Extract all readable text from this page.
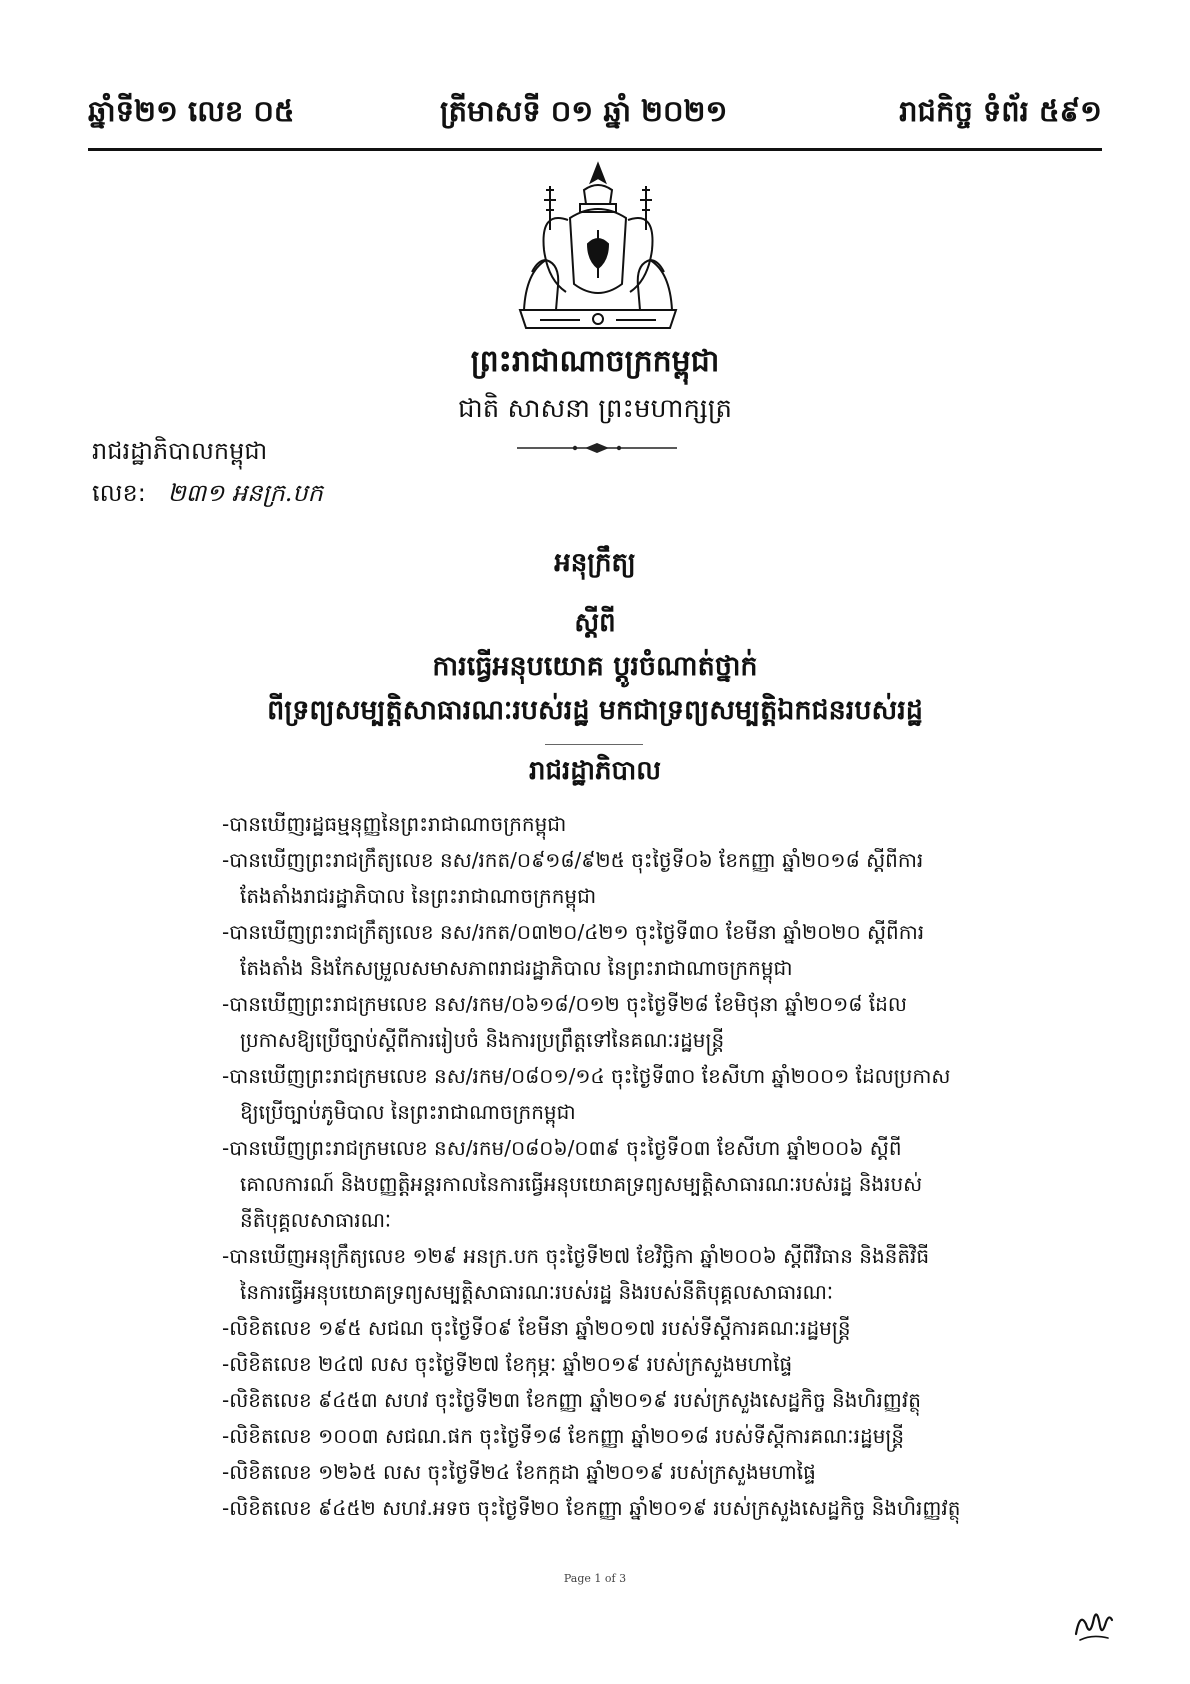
ឆ្នាំទី២១ លេខ ០៥	ត្រីមាសទី ០១ ឆ្នាំ ២០២១	រាជកិច្ច ទំព័រ ៥៩១
ព្រះរាជាណាចក្រកម្ពុជា
ជាតិ សាសនា ព្រះមហាក្សត្រ
រាជរដ្ឋាភិបាលកម្ពុជា
លេខ: ២៣១ អនក្រ.បក
អនុក្រឹត្យ
ស្តីពី
ការធ្វើអនុបយោគ ប្តូរចំណាត់ថ្នាក់
ពីទ្រព្យសម្បត្តិសាធារណៈរបស់រដ្ឋ មកជាទ្រព្យសម្បត្តិឯកជនរបស់រដ្ឋ
រាជរដ្ឋាភិបាល
-បានឃើញរដ្ឋធម្មនុញ្ញនៃព្រះរាជាណាចក្រកម្ពុជា
-បានឃើញព្រះរាជក្រឹត្យលេខ នស/រកត/០៩១៨/៩២៥ ចុះថ្ងៃទី០៦ ខែកញ្ញា ឆ្នាំ២០១៨ ស្តីពីការ
តែងតាំងរាជរដ្ឋាភិបាល នៃព្រះរាជាណាចក្រកម្ពុជា
-បានឃើញព្រះរាជក្រឹត្យលេខ នស/រកត/០៣២០/៤២១ ចុះថ្ងៃទី៣០ ខែមីនា ឆ្នាំ២០២០ ស្តីពីការ
តែងតាំង និងកែសម្រួលសមាសភាពរាជរដ្ឋាភិបាល នៃព្រះរាជាណាចក្រកម្ពុជា
-បានឃើញព្រះរាជក្រមលេខ នស/រកម/០៦១៨/០១២ ចុះថ្ងៃទី២៨ ខែមិថុនា ឆ្នាំ២០១៨ ដែល
ប្រកាសឱ្យប្រើច្បាប់ស្តីពីការរៀបចំ និងការប្រព្រឹត្តទៅនៃគណៈរដ្ឋមន្ត្រី
-បានឃើញព្រះរាជក្រមលេខ នស/រកម/០៨០១/១៤ ចុះថ្ងៃទី៣០ ខែសីហា ឆ្នាំ២០០១ ដែលប្រកាស
ឱ្យប្រើច្បាប់ភូមិបាល នៃព្រះរាជាណាចក្រកម្ពុជា
-បានឃើញព្រះរាជក្រមលេខ នស/រកម/០៨០៦/០៣៩ ចុះថ្ងៃទី០៣ ខែសីហា ឆ្នាំ២០០៦ ស្តីពី
គោលការណ៍ និងបញ្ញត្តិអន្តរកាលនៃការធ្វើអនុបយោគទ្រព្យសម្បត្តិសាធារណៈរបស់រដ្ឋ និងរបស់
នីតិបុគ្គលសាធារណៈ
-បានឃើញអនុក្រឹត្យលេខ ១២៩ អនក្រ.បក ចុះថ្ងៃទី២៧ ខែវិច្ឆិកា ឆ្នាំ២០០៦ ស្តីពីវិធាន និងនីតិវិធី
នៃការធ្វើអនុបយោគទ្រព្យសម្បត្តិសាធារណៈរបស់រដ្ឋ និងរបស់នីតិបុគ្គលសាធារណៈ
-លិខិតលេខ ១៩៥ សជណ ចុះថ្ងៃទី០៩ ខែមីនា ឆ្នាំ២០១៧ របស់ទីស្តីការគណៈរដ្ឋមន្ត្រី
-លិខិតលេខ ២៤៧ លស ចុះថ្ងៃទី២៧ ខែកុម្ភៈ ឆ្នាំ២០១៩ របស់ក្រសួងមហាផ្ទៃ
-លិខិតលេខ ៩៤៥៣ សហវ ចុះថ្ងៃទី២៣ ខែកញ្ញា ឆ្នាំ២០១៩ របស់ក្រសួងសេដ្ឋកិច្ច និងហិរញ្ញវត្ថុ
-លិខិតលេខ ១០០៣ សជណ.ផក ចុះថ្ងៃទី១៨ ខែកញ្ញា ឆ្នាំ២០១៨ របស់ទីស្តីការគណៈរដ្ឋមន្ត្រី
-លិខិតលេខ ១២៦៥ លស ចុះថ្ងៃទី២៤ ខែកក្កដា ឆ្នាំ២០១៩ របស់ក្រសួងមហាផ្ទៃ
-លិខិតលេខ ៩៤៥២ សហវ.អទច ចុះថ្ងៃទី២០ ខែកញ្ញា ឆ្នាំ២០១៩ របស់ក្រសួងសេដ្ឋកិច្ច និងហិរញ្ញវត្ថុ
Page 1 of 3
